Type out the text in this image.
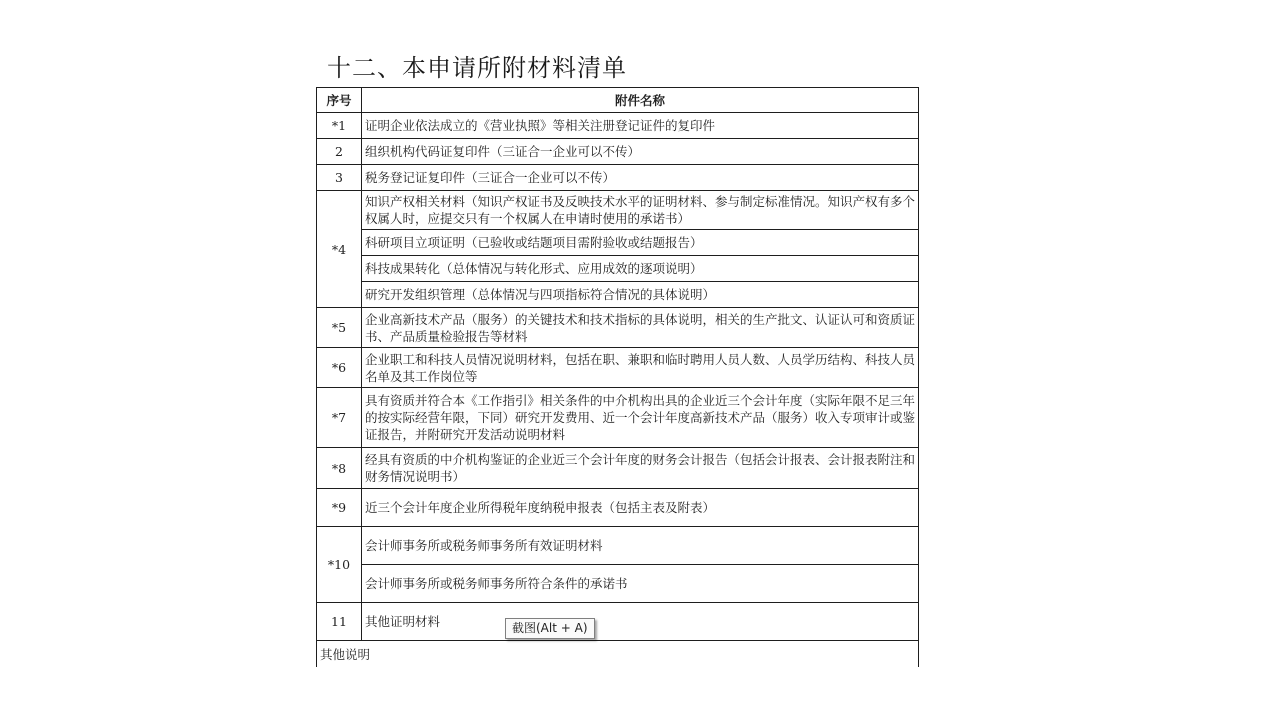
十二、本申请所附材料清单
序号	附件名称
*1	证明企业依法成立的《营业执照》等相关注册登记证件的复印件
2	组织机构代码证复印件（三证合一企业可以不传）
3	税务登记证复印件（三证合一企业可以不传）
*4	知识产权相关材料（知识产权证书及反映技术水平的证明材料、参与制定标准情况。知识产权有多个权属人时，应提交只有一个权属人在申请时使用的承诺书）
	科研项目立项证明（已验收或结题项目需附验收或结题报告）
	科技成果转化（总体情况与转化形式、应用成效的逐项说明）
	研究开发组织管理（总体情况与四项指标符合情况的具体说明）
*5	企业高新技术产品（服务）的关键技术和技术指标的具体说明，相关的生产批文、认证认可和资质证书、产品质量检验报告等材料
*6	企业职工和科技人员情况说明材料，包括在职、兼职和临时聘用人员人数、人员学历结构、科技人员名单及其工作岗位等
*7	具有资质并符合本《工作指引》相关条件的中介机构出具的企业近三个会计年度（实际年限不足三年的按实际经营年限，下同）研究开发费用、近一个会计年度高新技术产品（服务）收入专项审计或鉴证报告，并附研究开发活动说明材料
*8	经具有资质的中介机构鉴证的企业近三个会计年度的财务会计报告（包括会计报表、会计报表附注和财务情况说明书）
*9	近三个会计年度企业所得税年度纳税申报表（包括主表及附表）
*10	会计师事务所或税务师事务所有效证明材料
	会计师事务所或税务师事务所符合条件的承诺书
11	其他证明材料
其他说明	
截图(Alt + A)
